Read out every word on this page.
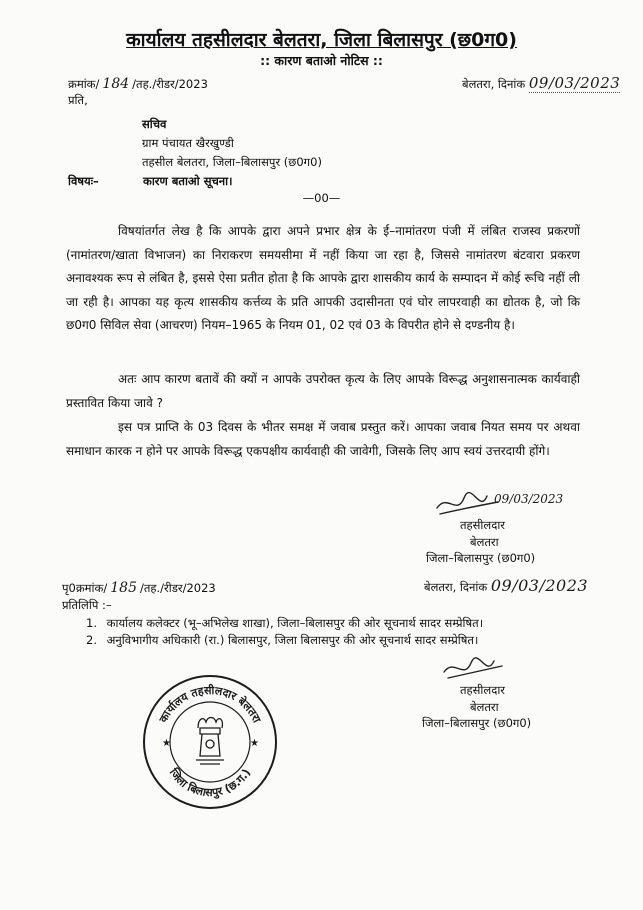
कार्यालय तहसीलदार बेलतरा, जिला बिलासपुर (छ0ग0)
:: कारण बताओ नोटिस ::
क्रमांक/ 184 /तह./रीडर/2023	बेलतरा, दिनांक 09/03/2023
प्रति,
सचिव
ग्राम पंचायत खैरखुण्डी
तहसील बेलतरा, जिला–बिलासपुर (छ0ग0)
विषयः–	कारण बताओ सूचना।
—00—
विषयांतर्गत लेख है कि आपके द्वारा अपने प्रभार क्षेत्र के ई–नामांतरण पंजी में लंबित राजस्व प्रकरणों (नामांतरण/खाता विभाजन) का निराकरण समयसीमा में नहीं किया जा रहा है, जिससे नामांतरण बंटवारा प्रकरण अनावश्यक रूप से लंबित है, इससे ऐसा प्रतीत होता है कि आपके द्वारा शासकीय कार्य के सम्पादन में कोई रूचि नहीं ली जा रही है। आपका यह कृत्य शासकीय कर्त्तव्य के प्रति आपकी उदासीनता एवं घोर लापरवाही का द्योतक है, जो कि छ0ग0 सिविल सेवा (आचरण) नियम–1965 के नियम 01, 02 एवं 03 के विपरीत होने से दण्डनीय है।
अतः आप कारण बतावें की क्यों न आपके उपरोक्त कृत्य के लिए आपके विरूद्ध अनुशासनात्मक कार्यवाही प्रस्तावित किया जावे ?
इस पत्र प्राप्ति के 03 दिवस के भीतर समक्ष में जवाब प्रस्तुत करें। आपका जवाब नियत समय पर अथवा समाधान कारक न होने पर आपके विरूद्ध एकपक्षीय कार्यवाही की जावेगी, जिसके लिए आप स्वयं उत्तरदायी होंगे।
09/03/2023
तहसीलदार
बेलतरा
जिला–बिलासपुर (छ0ग0)
पृ0क्रमांक/ 185 /तह./रीडर/2023	बेलतरा, दिनांक 09/03/2023
प्रतिलिपि :–
1. कार्यालय कलेक्टर (भू–अभिलेख शाखा), जिला–बिलासपुर की ओर सूचनार्थ सादर सम्प्रेषित।
2. अनुविभागीय अधिकारी (रा.) बिलासपुर, जिला बिलासपुर की ओर सूचनार्थ सादर सम्प्रेषित।
तहसीलदार
बेलतरा
जिला–बिलासपुर (छ0ग0)
कार्यालय तहसीलदार बेलतरा
जिला बिलासपुर (छ.ग.)
★	★
